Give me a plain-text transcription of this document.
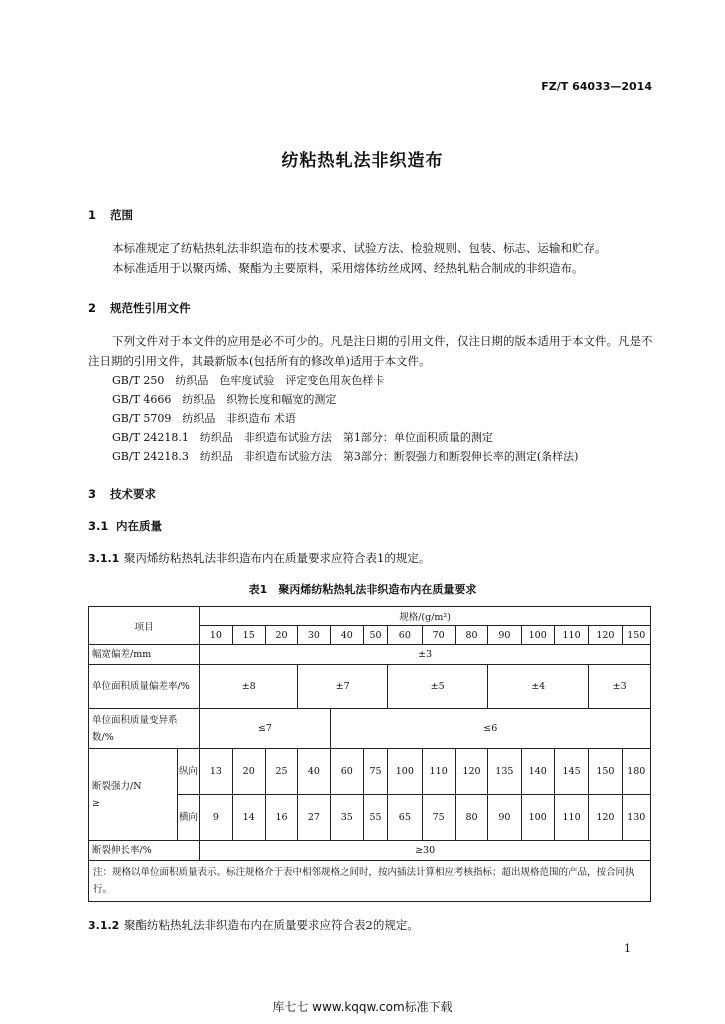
FZ/T 64033—2014
纺粘热轧法非织造布
1 范围
本标准规定了纺粘热轧法非织造布的技术要求、试验方法、检验规则、包装、标志、运输和贮存。
本标准适用于以聚丙烯、聚酯为主要原料，采用熔体纺丝成网、经热轧粘合制成的非织造布。
2 规范性引用文件
下列文件对于本文件的应用是必不可少的。凡是注日期的引用文件，仅注日期的版本适用于本文件。凡是不注日期的引用文件，其最新版本(包括所有的修改单)适用于本文件。
GB/T 250　纺织品　色牢度试验　评定变色用灰色样卡
GB/T 4666　纺织品　织物长度和幅宽的测定
GB/T 5709　纺织品　非织造布 术语
GB/T 24218.1　纺织品　非织造布试验方法　第1部分：单位面积质量的测定
GB/T 24218.3　纺织品　非织造布试验方法　第3部分：断裂强力和断裂伸长率的测定(条样法)
3 技术要求
3.1 内在质量
3.1.1 聚丙烯纺粘热轧法非织造布内在质量要求应符合表1的规定。
表1　聚丙烯纺粘热轧法非织造布内在质量要求
项目		规格/(g/m²)													
		10	15	20	30	40	50	60	70	80	90	100	110	120	150
幅宽偏差/mm		±3													
单位面积质量偏差率/%		±8			±7			±5			±4			±3	
单位面积质量变异系数/%		≤7				≤6									

断裂强力/N
≥	纵向	13	20	25	40	60	75	100	110	120	135	140	145	150	180
	横向	9	14	16	27	35	55	65	75	80	90	100	110	120	130
断裂伸长率/%		≥30													
注：规格以单位面积质量表示。标注规格介于表中相邻规格之间时，按内插法计算相应考核指标；超出规格范围的产品，按合同执行。															
3.1.2 聚酯纺粘热轧法非织造布内在质量要求应符合表2的规定。
1
库七七 www.kqqw.com标准下载
